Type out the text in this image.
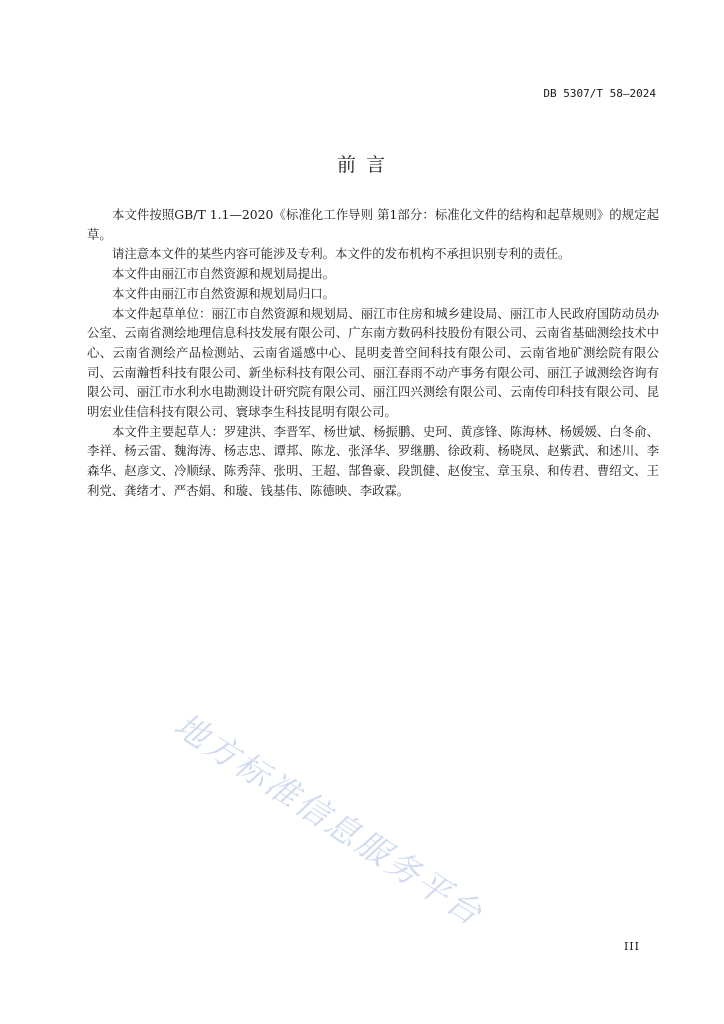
DB 5307/T 58—2024
前 言

本文件按照GB/T 1.1—2020《标准化工作导则 第1部分：标准化文件的结构和起草规则》的规定起草。

请注意本文件的某些内容可能涉及专利。本文件的发布机构不承担识别专利的责任。

本文件由丽江市自然资源和规划局提出。

本文件由丽江市自然资源和规划局归口。

本文件起草单位：丽江市自然资源和规划局、丽江市住房和城乡建设局、丽江市人民政府国防动员办公室、云南省测绘地理信息科技发展有限公司、广东南方数码科技股份有限公司、云南省基础测绘技术中心、云南省测绘产品检测站、云南省遥感中心、昆明麦普空间科技有限公司、云南省地矿测绘院有限公司、云南瀚哲科技有限公司、新坐标科技有限公司、丽江春雨不动产事务有限公司、丽江子诚测绘咨询有限公司、丽江市水利水电勘测设计研究院有限公司、丽江四兴测绘有限公司、云南传印科技有限公司、昆明宏业佳信科技有限公司、寰球李生科技昆明有限公司。

本文件主要起草人：罗建洪、李晋军、杨世斌、杨振鹏、史珂、黄彦锋、陈海林、杨媛媛、白冬俞、李祥、杨云雷、魏海涛、杨志忠、谭邦、陈龙、张泽华、罗继鹏、徐政莉、杨晓凤、赵紫武、和述川、李森华、赵彦文、冷顺绿、陈秀萍、张明、王超、郜鲁豪、段凯健、赵俊宝、章玉泉、和传君、曹绍文、王利党、龚绪才、严杏娟、和璇、钱基伟、陈德映、李政霖。

地方标准信息服务平台
III
